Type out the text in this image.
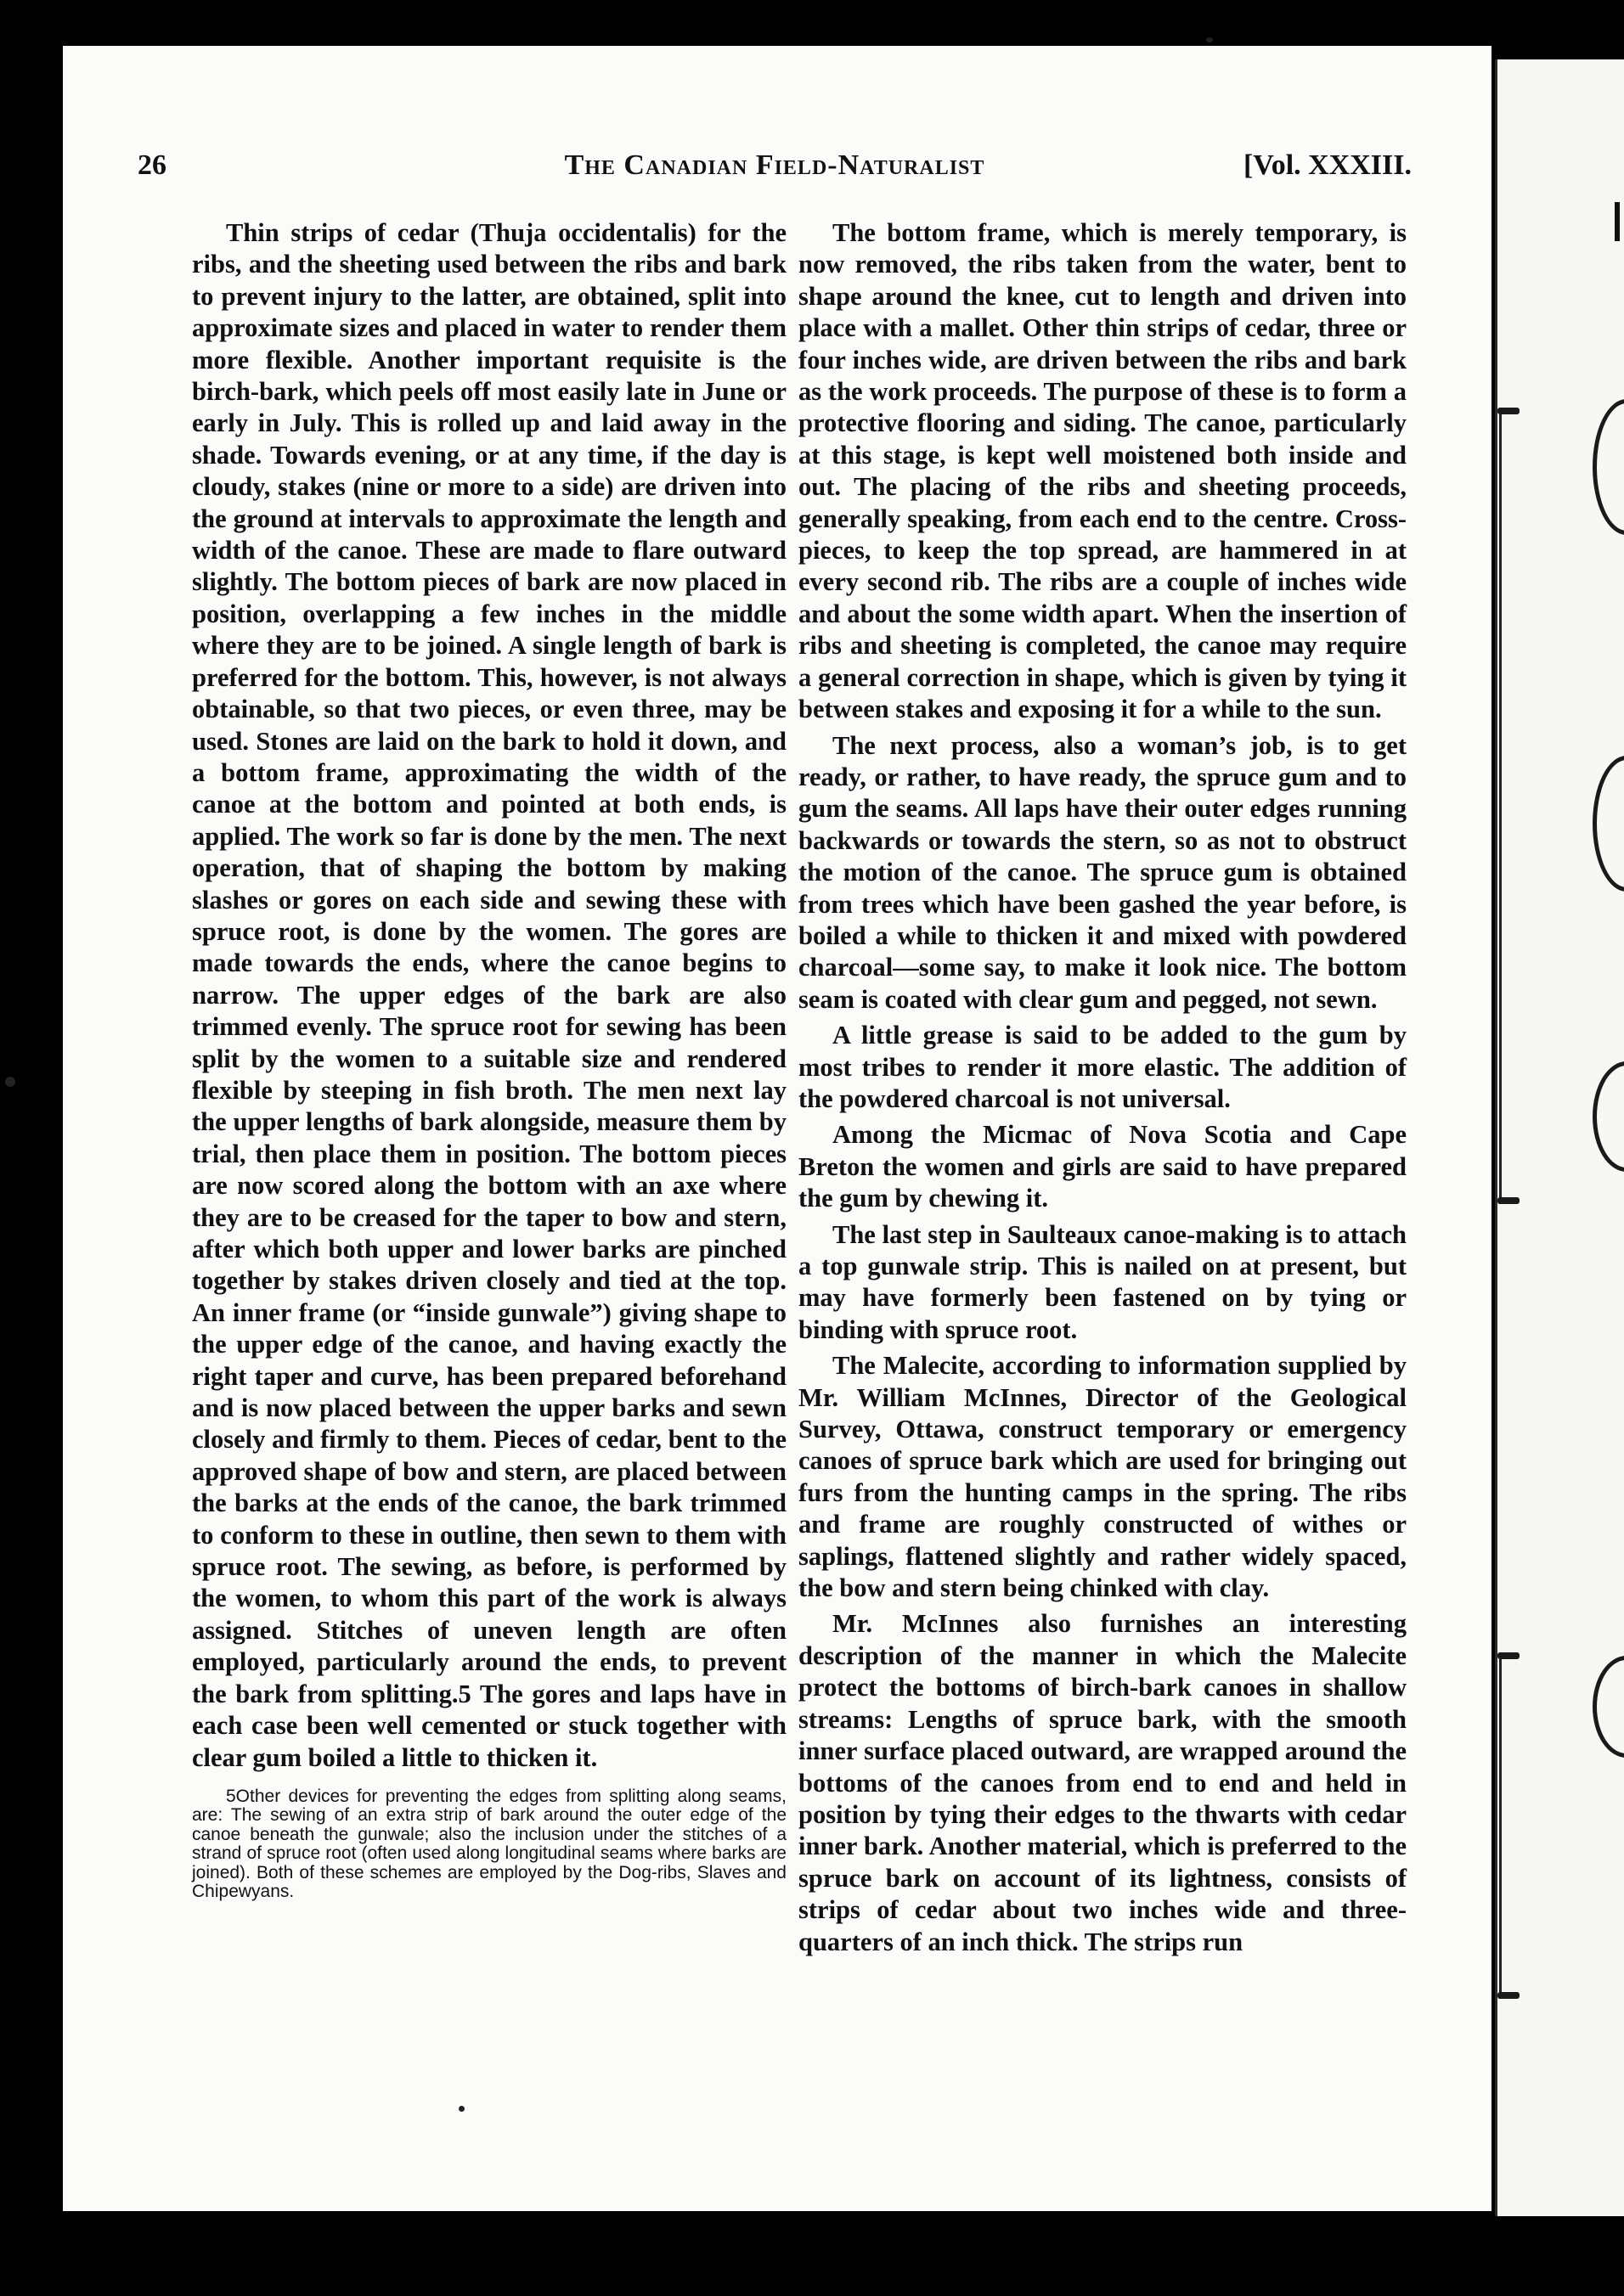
26	The Canadian Field-Naturalist	[Vol. XXXIII.

Thin strips of cedar (Thuja occidentalis) for the ribs, and the sheeting used between the ribs and bark to prevent injury to the latter, are obtained, split into approximate sizes and placed in water to render them more flexible. Another important requisite is the birch-bark, which peels off most easily late in June or early in July. This is rolled up and laid away in the shade. Towards evening, or at any time, if the day is cloudy, stakes (nine or more to a side) are driven into the ground at intervals to approximate the length and width of the canoe. These are made to flare outward slightly. The bottom pieces of bark are now placed in position, overlapping a few inches in the middle where they are to be joined. A single length of bark is preferred for the bottom. This, however, is not always obtainable, so that two pieces, or even three, may be used. Stones are laid on the bark to hold it down, and a bottom frame, approximating the width of the canoe at the bottom and pointed at both ends, is applied. The work so far is done by the men. The next operation, that of shaping the bottom by making slashes or gores on each side and sewing these with spruce root, is done by the women. The gores are made towards the ends, where the canoe begins to narrow. The upper edges of the bark are also trimmed evenly. The spruce root for sewing has been split by the women to a suitable size and rendered flexible by steeping in fish broth. The men next lay the upper lengths of bark alongside, measure them by trial, then place them in position. The bottom pieces are now scored along the bottom with an axe where they are to be creased for the taper to bow and stern, after which both upper and lower barks are pinched together by stakes driven closely and tied at the top. An inner frame (or “inside gunwale”) giving shape to the upper edge of the canoe, and having exactly the right taper and curve, has been prepared beforehand and is now placed between the upper barks and sewn closely and firmly to them. Pieces of cedar, bent to the approved shape of bow and stern, are placed between the barks at the ends of the canoe, the bark trimmed to conform to these in outline, then sewn to them with spruce root. The sewing, as before, is performed by the women, to whom this part of the work is always assigned. Stitches of uneven length are often employed, particularly around the ends, to prevent the bark from splitting.5 The gores and laps have in each case been well cemented or stuck together with clear gum boiled a little to thicken it.

5Other devices for preventing the edges from splitting along seams, are: The sewing of an extra strip of bark around the outer edge of the canoe beneath the gunwale; also the inclusion under the stitches of a strand of spruce root (often used along longitudinal seams where barks are joined). Both of these schemes are employed by the Dog-ribs, Slaves and Chipewyans.

The bottom frame, which is merely temporary, is now removed, the ribs taken from the water, bent to shape around the knee, cut to length and driven into place with a mallet. Other thin strips of cedar, three or four inches wide, are driven between the ribs and bark as the work proceeds. The purpose of these is to form a protective flooring and siding. The canoe, particularly at this stage, is kept well moistened both inside and out. The placing of the ribs and sheeting proceeds, generally speaking, from each end to the centre. Cross-pieces, to keep the top spread, are hammered in at every second rib. The ribs are a couple of inches wide and about the some width apart. When the insertion of ribs and sheeting is completed, the canoe may require a general correction in shape, which is given by tying it between stakes and exposing it for a while to the sun.

The next process, also a woman’s job, is to get ready, or rather, to have ready, the spruce gum and to gum the seams. All laps have their outer edges running backwards or towards the stern, so as not to obstruct the motion of the canoe. The spruce gum is obtained from trees which have been gashed the year before, is boiled a while to thicken it and mixed with powdered charcoal—some say, to make it look nice. The bottom seam is coated with clear gum and pegged, not sewn.

A little grease is said to be added to the gum by most tribes to render it more elastic. The addition of the powdered charcoal is not universal.

Among the Micmac of Nova Scotia and Cape Breton the women and girls are said to have prepared the gum by chewing it.

The last step in Saulteaux canoe-making is to attach a top gunwale strip. This is nailed on at present, but may have formerly been fastened on by tying or binding with spruce root.

The Malecite, according to information supplied by Mr. William McInnes, Director of the Geological Survey, Ottawa, construct temporary or emergency canoes of spruce bark which are used for bringing out furs from the hunting camps in the spring. The ribs and frame are roughly constructed of withes or saplings, flattened slightly and rather widely spaced, the bow and stern being chinked with clay.

Mr. McInnes also furnishes an interesting description of the manner in which the Malecite protect the bottoms of birch-bark canoes in shallow streams: Lengths of spruce bark, with the smooth inner surface placed outward, are wrapped around the bottoms of the canoes from end to end and held in position by tying their edges to the thwarts with cedar inner bark. Another material, which is preferred to the spruce bark on account of its lightness, consists of strips of cedar about two inches wide and three-quarters of an inch thick. The strips run
